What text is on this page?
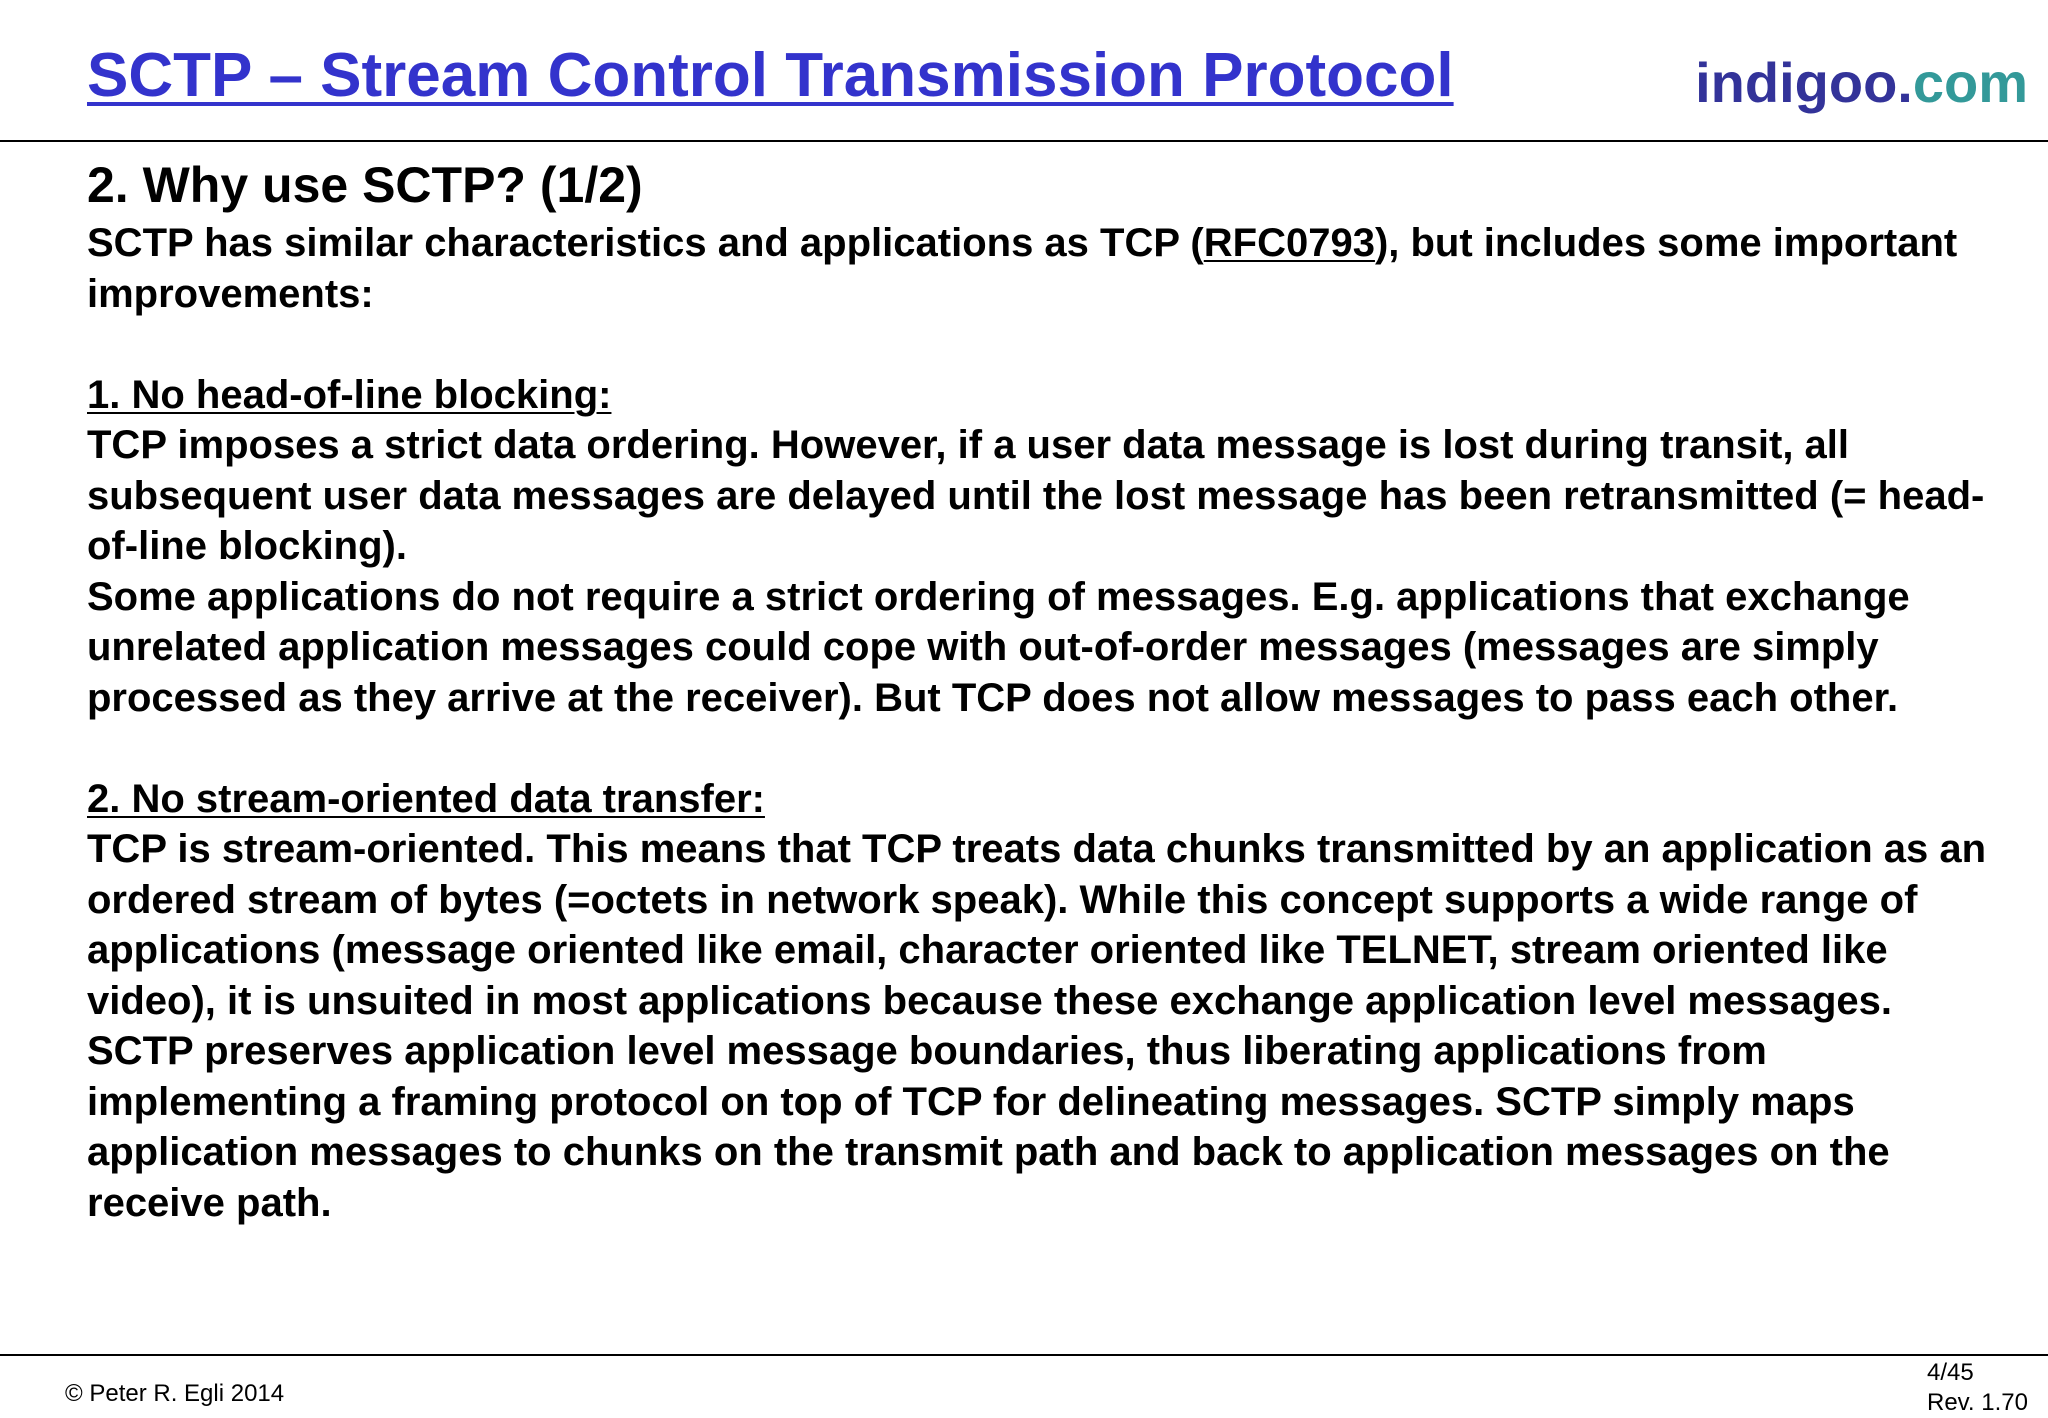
SCTP – Stream Control Transmission Protocol	indigoo.com
2. Why use SCTP? (1/2)

SCTP has similar characteristics and applications as TCP (RFC0793), but includes some important improvements:

1. No head-of-line blocking:

TCP imposes a strict data ordering. However, if a user data message is lost during transit, all subsequent user data messages are delayed until the lost message has been retransmitted (= head-of-line blocking).

Some applications do not require a strict ordering of messages. E.g. applications that exchange unrelated application messages could cope with out-of-order messages (messages are simply processed as they arrive at the receiver). But TCP does not allow messages to pass each other.

2. No stream-oriented data transfer:

TCP is stream-oriented. This means that TCP treats data chunks transmitted by an application as an ordered stream of bytes (=octets in network speak). While this concept supports a wide range of applications (message oriented like email, character oriented like TELNET, stream oriented like video), it is unsuited in most applications because these exchange application level messages.

SCTP preserves application level message boundaries, thus liberating applications from implementing a framing protocol on top of TCP for delineating messages. SCTP simply maps application messages to chunks on the transmit path and back to application messages on the receive path.

© Peter R. Egli 2014
4/45
Rev. 1.70
